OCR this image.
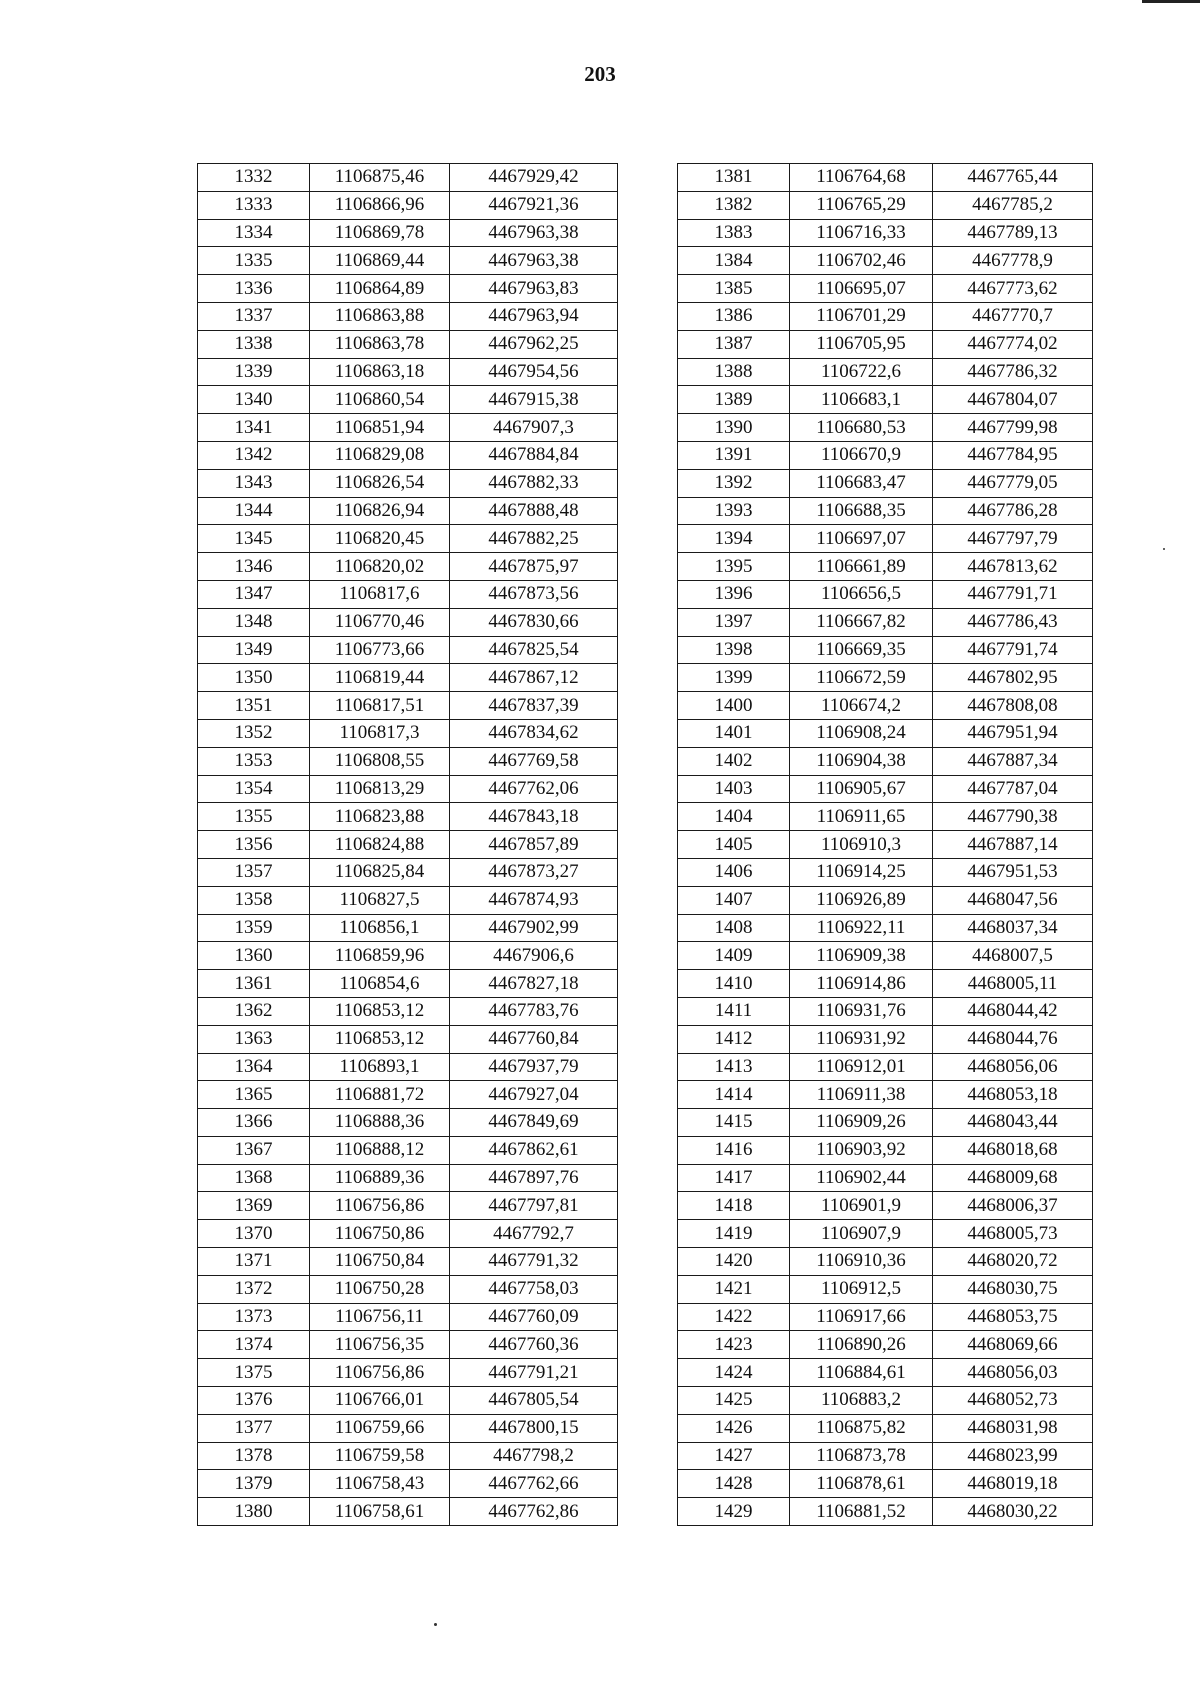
203
1332	1106875,46	4467929,42
1333	1106866,96	4467921,36
1334	1106869,78	4467963,38
1335	1106869,44	4467963,38
1336	1106864,89	4467963,83
1337	1106863,88	4467963,94
1338	1106863,78	4467962,25
1339	1106863,18	4467954,56
1340	1106860,54	4467915,38
1341	1106851,94	4467907,3
1342	1106829,08	4467884,84
1343	1106826,54	4467882,33
1344	1106826,94	4467888,48
1345	1106820,45	4467882,25
1346	1106820,02	4467875,97
1347	1106817,6	4467873,56
1348	1106770,46	4467830,66
1349	1106773,66	4467825,54
1350	1106819,44	4467867,12
1351	1106817,51	4467837,39
1352	1106817,3	4467834,62
1353	1106808,55	4467769,58
1354	1106813,29	4467762,06
1355	1106823,88	4467843,18
1356	1106824,88	4467857,89
1357	1106825,84	4467873,27
1358	1106827,5	4467874,93
1359	1106856,1	4467902,99
1360	1106859,96	4467906,6
1361	1106854,6	4467827,18
1362	1106853,12	4467783,76
1363	1106853,12	4467760,84
1364	1106893,1	4467937,79
1365	1106881,72	4467927,04
1366	1106888,36	4467849,69
1367	1106888,12	4467862,61
1368	1106889,36	4467897,76
1369	1106756,86	4467797,81
1370	1106750,86	4467792,7
1371	1106750,84	4467791,32
1372	1106750,28	4467758,03
1373	1106756,11	4467760,09
1374	1106756,35	4467760,36
1375	1106756,86	4467791,21
1376	1106766,01	4467805,54
1377	1106759,66	4467800,15
1378	1106759,58	4467798,2
1379	1106758,43	4467762,66
1380	1106758,61	4467762,86
1381	1106764,68	4467765,44
1382	1106765,29	4467785,2
1383	1106716,33	4467789,13
1384	1106702,46	4467778,9
1385	1106695,07	4467773,62
1386	1106701,29	4467770,7
1387	1106705,95	4467774,02
1388	1106722,6	4467786,32
1389	1106683,1	4467804,07
1390	1106680,53	4467799,98
1391	1106670,9	4467784,95
1392	1106683,47	4467779,05
1393	1106688,35	4467786,28
1394	1106697,07	4467797,79
1395	1106661,89	4467813,62
1396	1106656,5	4467791,71
1397	1106667,82	4467786,43
1398	1106669,35	4467791,74
1399	1106672,59	4467802,95
1400	1106674,2	4467808,08
1401	1106908,24	4467951,94
1402	1106904,38	4467887,34
1403	1106905,67	4467787,04
1404	1106911,65	4467790,38
1405	1106910,3	4467887,14
1406	1106914,25	4467951,53
1407	1106926,89	4468047,56
1408	1106922,11	4468037,34
1409	1106909,38	4468007,5
1410	1106914,86	4468005,11
1411	1106931,76	4468044,42
1412	1106931,92	4468044,76
1413	1106912,01	4468056,06
1414	1106911,38	4468053,18
1415	1106909,26	4468043,44
1416	1106903,92	4468018,68
1417	1106902,44	4468009,68
1418	1106901,9	4468006,37
1419	1106907,9	4468005,73
1420	1106910,36	4468020,72
1421	1106912,5	4468030,75
1422	1106917,66	4468053,75
1423	1106890,26	4468069,66
1424	1106884,61	4468056,03
1425	1106883,2	4468052,73
1426	1106875,82	4468031,98
1427	1106873,78	4468023,99
1428	1106878,61	4468019,18
1429	1106881,52	4468030,22
